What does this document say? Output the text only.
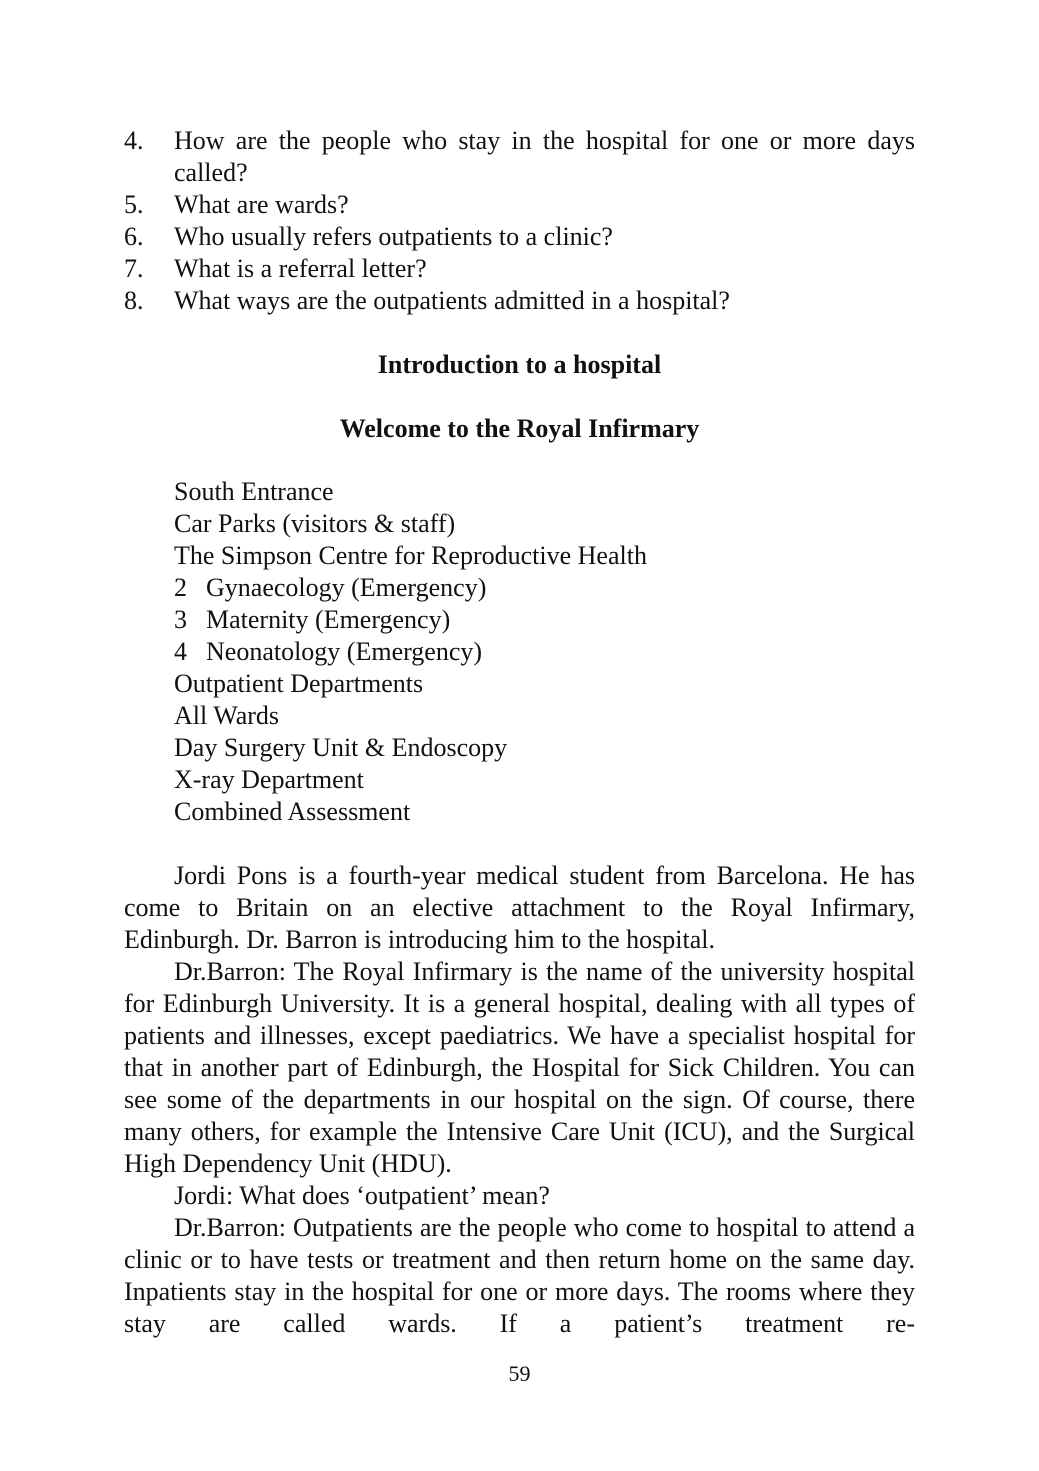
4. How are the people who stay in the hospital for one or more days called?
5. What are wards?
6. Who usually refers outpatients to a clinic?
7. What is a referral letter?
8. What ways are the outpatients admitted in a hospital?

Introduction to a hospital

Welcome to the Royal Infirmary

South Entrance
Car Parks (visitors & staff)
The Simpson Centre for Reproductive Health
2 Gynaecology (Emergency)
3 Maternity (Emergency)
4 Neonatology (Emergency)
Outpatient Departments
All Wards
Day Surgery Unit & Endoscopy
X-ray Department
Combined Assessment

Jordi Pons is a fourth-year medical student from Barcelona. He has come to Britain on an elective attachment to the Royal Infirmary, Edinburgh. Dr. Barron is introducing him to the hospital.

Dr.Barron: The Royal Infirmary is the name of the university hospital for Edinburgh University. It is a general hospital, dealing with all types of patients and illnesses, except paediatrics. We have a specialist hospital for that in another part of Edinburgh, the Hospital for Sick Children. You can see some of the departments in our hospital on the sign. Of course, there many others, for example the Intensive Care Unit (ICU), and the Surgical High Dependency Unit (HDU).

Jordi: What does ‘outpatient’ mean?

Dr.Barron: Outpatients are the people who come to hospital to attend a clinic or to have tests or treatment and then return home on the same day. Inpatients stay in the hospital for one or more days. The rooms where they stay are called wards. If a patient’s treatment re-

59
